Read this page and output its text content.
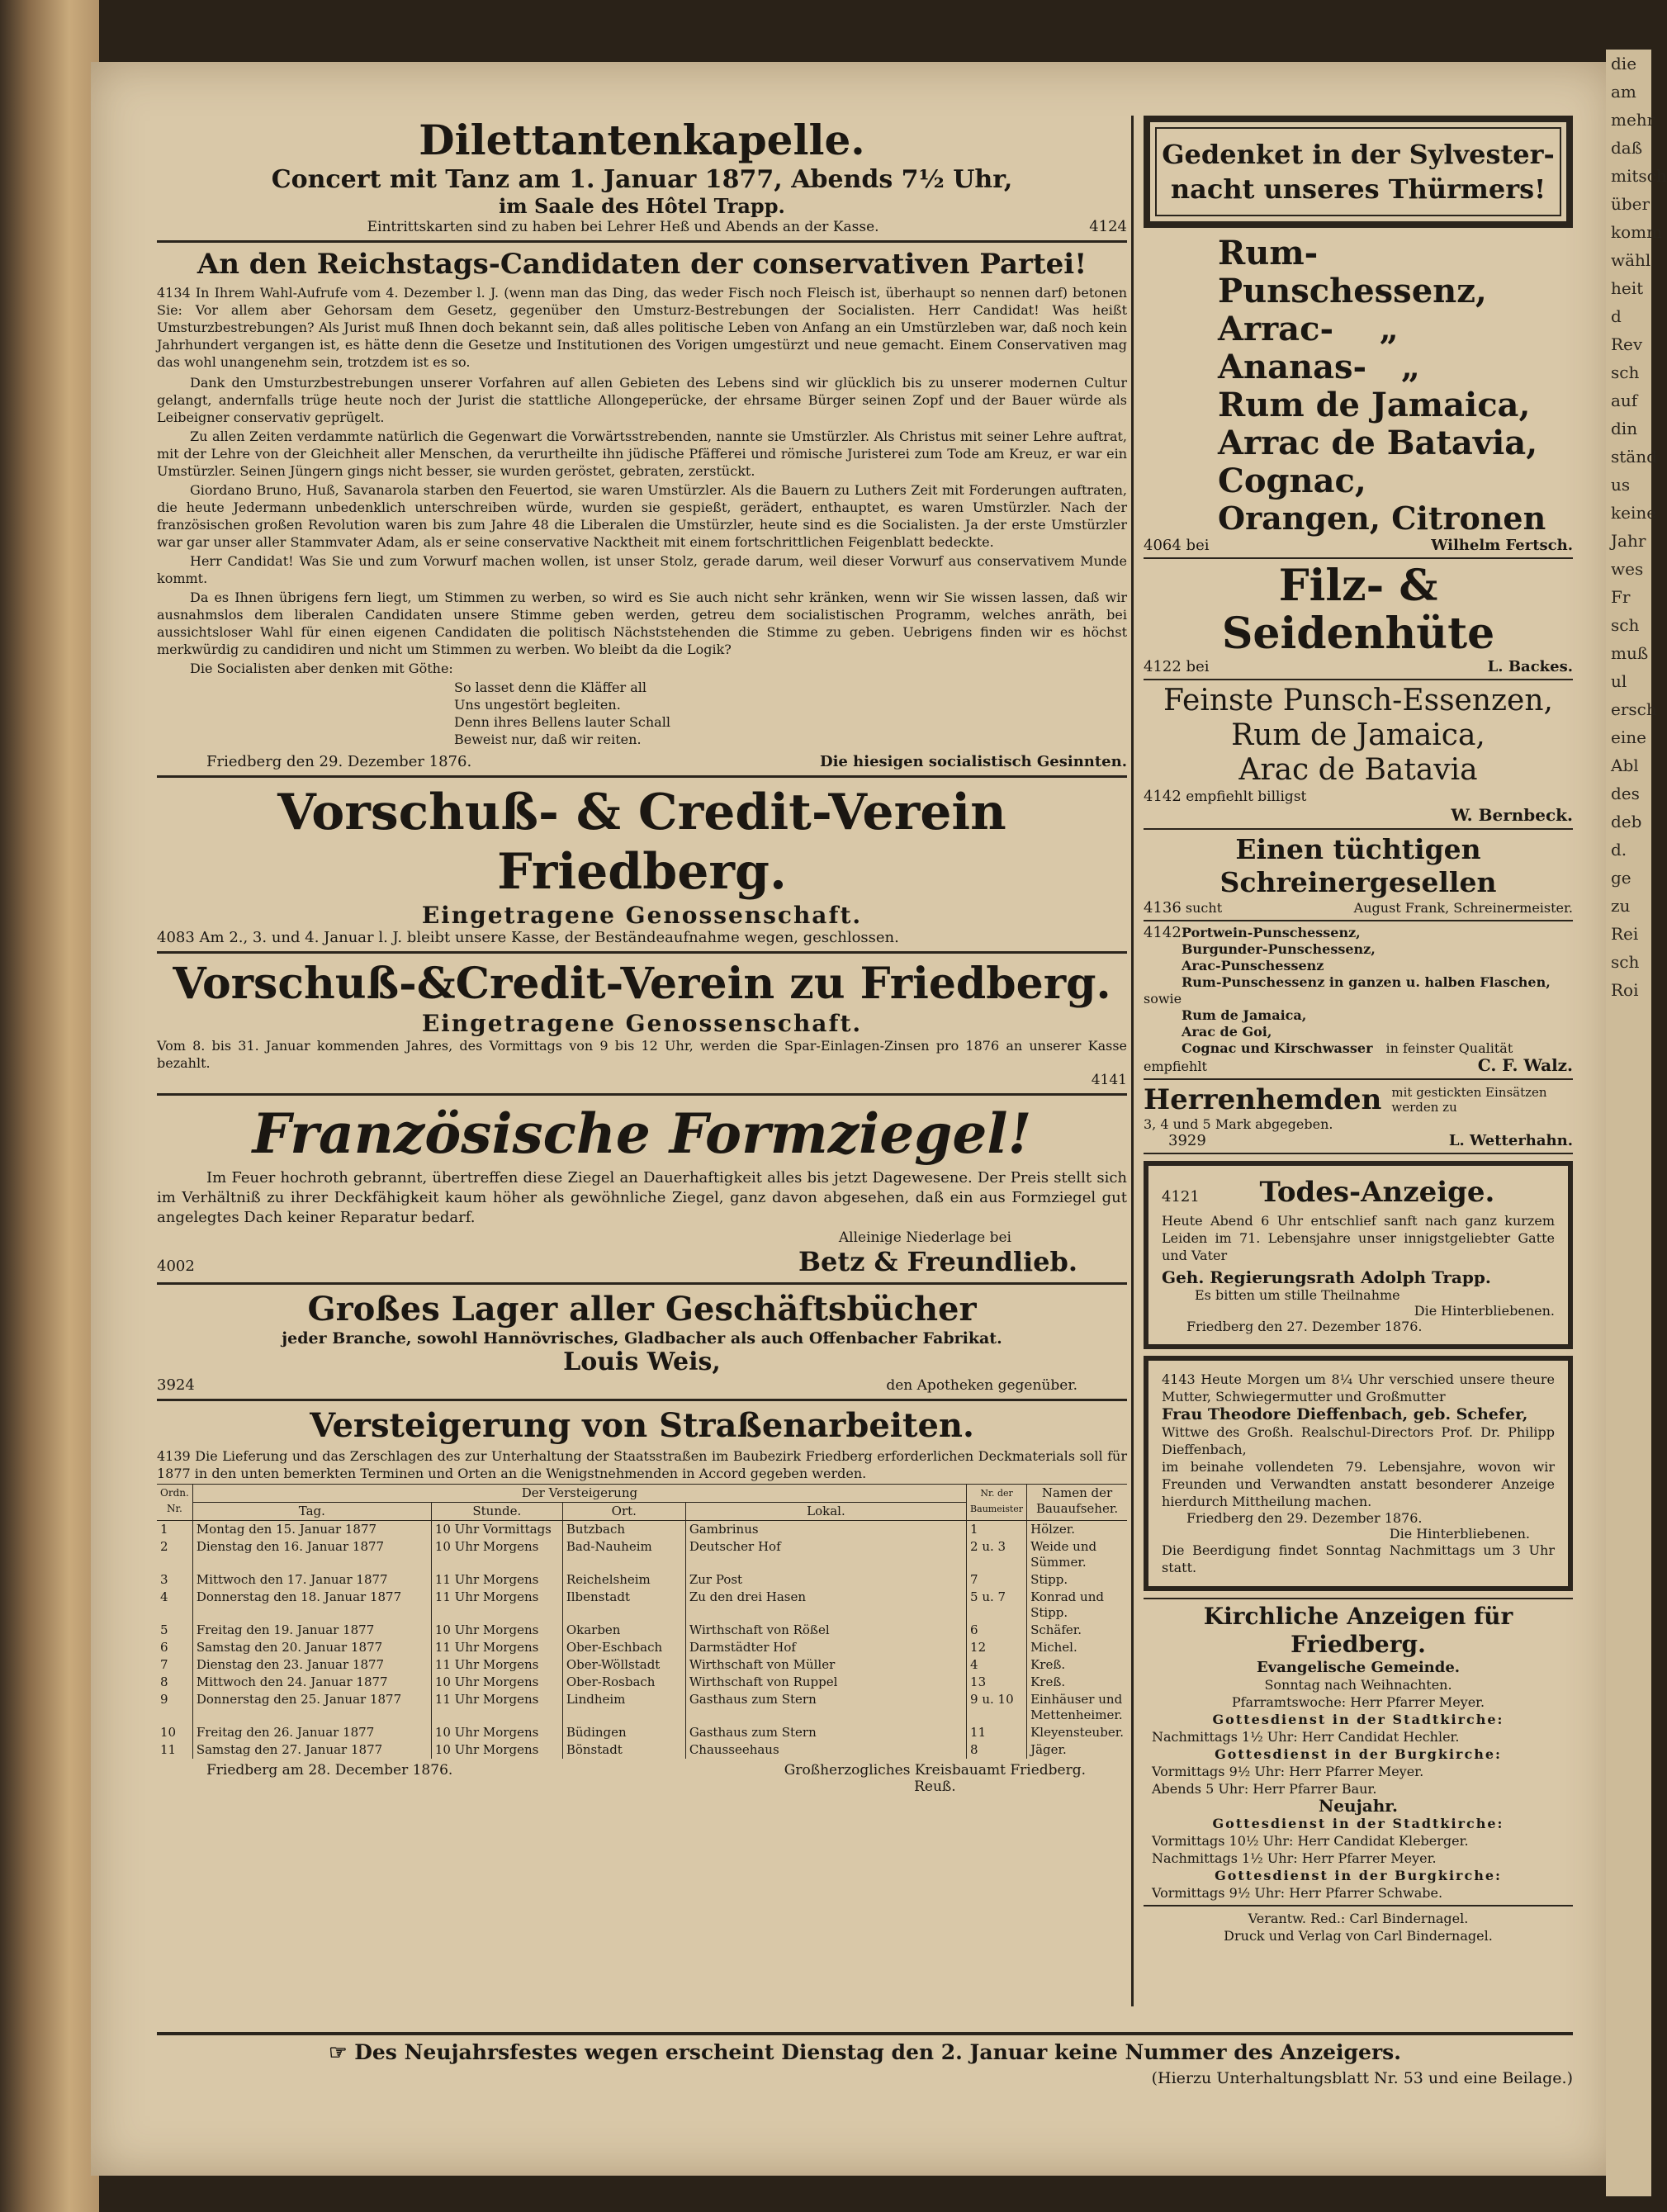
die
am
mehr
daß
mitsch
über
komm
wähl
heit
d
Rev
sch
auf
din
ständ
us
keine
Jahr
wes
Fr
sch
muß
ul
ersch
eine
Abl
des
deb
d.
ge
zu
Rei
sch
Roi
Dilettantenkapelle.
Concert mit Tanz am 1. Januar 1877, Abends 7½ Uhr,
im Saale des Hôtel Trapp.
Eintrittskarten sind zu haben bei Lehrer Heß und Abends an der Kasse.	4124
An den Reichstags-Candidaten der conservativen Partei!

4134 In Ihrem Wahl-Aufrufe vom 4. Dezember l. J. (wenn man das Ding, das weder Fisch noch Fleisch ist, überhaupt so nennen darf) betonen Sie: Vor allem aber Gehorsam dem Gesetz, gegenüber den Umsturz-Bestrebungen der Socialisten. Herr Candidat! Was heißt Umsturzbestrebungen? Als Jurist muß Ihnen doch bekannt sein, daß alles politische Leben von Anfang an ein Umstürzleben war, daß noch kein Jahrhundert vergangen ist, es hätte denn die Gesetze und Institutionen des Vorigen umgestürzt und neue gemacht. Einem Conservativen mag das wohl unangenehm sein, trotzdem ist es so.

Dank den Umsturzbestrebungen unserer Vorfahren auf allen Gebieten des Lebens sind wir glücklich bis zu unserer modernen Cultur gelangt, andernfalls trüge heute noch der Jurist die stattliche Allongeperücke, der ehrsame Bürger seinen Zopf und der Bauer würde als Leibeigner conservativ geprügelt.

Zu allen Zeiten verdammte natürlich die Gegenwart die Vorwärtsstrebenden, nannte sie Umstürzler. Als Christus mit seiner Lehre auftrat, mit der Lehre von der Gleichheit aller Menschen, da verurtheilte ihn jüdische Pfäfferei und römische Juristerei zum Tode am Kreuz, er war ein Umstürzler. Seinen Jüngern gings nicht besser, sie wurden geröstet, gebraten, zerstückt.

Giordano Bruno, Huß, Savanarola starben den Feuertod, sie waren Umstürzler. Als die Bauern zu Luthers Zeit mit Forderungen auftraten, die heute Jedermann unbedenklich unterschreiben würde, wurden sie gespießt, gerädert, enthauptet, es waren Umstürzler. Nach der französischen großen Revolution waren bis zum Jahre 48 die Liberalen die Umstürzler, heute sind es die Socialisten. Ja der erste Umstürzler war gar unser aller Stammvater Adam, als er seine conservative Nacktheit mit einem fortschrittlichen Feigenblatt bedeckte.

Herr Candidat! Was Sie und zum Vorwurf machen wollen, ist unser Stolz, gerade darum, weil dieser Vorwurf aus conservativem Munde kommt.

Da es Ihnen übrigens fern liegt, um Stimmen zu werben, so wird es Sie auch nicht sehr kränken, wenn wir Sie wissen lassen, daß wir ausnahmslos dem liberalen Candidaten unsere Stimme geben werden, getreu dem socialistischen Programm, welches anräth, bei aussichtsloser Wahl für einen eigenen Candidaten die politisch Nächststehenden die Stimme zu geben. Uebrigens finden wir es höchst merkwürdig zu candidiren und nicht um Stimmen zu werben. Wo bleibt da die Logik?

Die Socialisten aber denken mit Göthe:

So lasset denn die Kläffer all
Uns ungestört begleiten.
Denn ihres Bellens lauter Schall
Beweist nur, daß wir reiten.
Friedberg den 29. Dezember 1876.	Die hiesigen socialistisch Gesinnten.
Vorschuß- & Credit-Verein Friedberg.
Eingetragene Genossenschaft.
4083 Am 2., 3. und 4. Januar l. J. bleibt unsere Kasse, der Beständeaufnahme wegen, geschlossen.
Vorschuß-&Credit-Verein zu Friedberg.
Eingetragene Genossenschaft.
Vom 8. bis 31. Januar kommenden Jahres, des Vormittags von 9 bis 12 Uhr, werden die Spar-Einlagen-Zinsen pro 1876 an unserer Kasse bezahlt.
4141
Französische Formziegel!

Im Feuer hochroth gebrannt, übertreffen diese Ziegel an Dauerhaftigkeit alles bis jetzt Dagewesene. Der Preis stellt sich im Verhältniß zu ihrer Deckfähigkeit kaum höher als gewöhnliche Ziegel, ganz davon abgesehen, daß ein aus Formziegel gut angelegtes Dach keiner Reparatur bedarf.

Alleinige Niederlage bei
4002	Betz & Freundlieb.
Großes Lager aller Geschäftsbücher
jeder Branche, sowohl Hannövrisches, Gladbacher als auch Offenbacher Fabrikat.
Louis Weis,
3924	den Apotheken gegenüber.
Versteigerung von Straßenarbeiten.

4139 Die Lieferung und das Zerschlagen des zur Unterhaltung der Staatsstraßen im Baubezirk Friedberg erforderlichen Deckmaterials soll für 1877 in den unten bemerkten Terminen und Orten an die Wenigstnehmenden in Accord gegeben werden.

Ordn. Nr.	Der Versteigerung				Nr. der Baumeister	Namen der Bauaufseher.
	Tag.	Stunde.	Ort.	Lokal.		
1	Montag den 15. Januar 1877	10 Uhr Vormittags	Butzbach	Gambrinus	1	Hölzer.
2	Dienstag den 16. Januar 1877	10 Uhr Morgens	Bad-Nauheim	Deutscher Hof	2 u. 3	Weide und Sümmer.
3	Mittwoch den 17. Januar 1877	11 Uhr Morgens	Reichelsheim	Zur Post	7	Stipp.
4	Donnerstag den 18. Januar 1877	11 Uhr Morgens	Ilbenstadt	Zu den drei Hasen	5 u. 7	Konrad und Stipp.
5	Freitag den 19. Januar 1877	10 Uhr Morgens	Okarben	Wirthschaft von Rößel	6	Schäfer.
6	Samstag den 20. Januar 1877	11 Uhr Morgens	Ober-Eschbach	Darmstädter Hof	12	Michel.
7	Dienstag den 23. Januar 1877	11 Uhr Morgens	Ober-Wöllstadt	Wirthschaft von Müller	4	Kreß.
8	Mittwoch den 24. Januar 1877	10 Uhr Morgens	Ober-Rosbach	Wirthschaft von Ruppel	13	Kreß.
9	Donnerstag den 25. Januar 1877	11 Uhr Morgens	Lindheim	Gasthaus zum Stern	9 u. 10	Einhäuser und Mettenheimer.
10	Freitag den 26. Januar 1877	10 Uhr Morgens	Büdingen	Gasthaus zum Stern	11	Kleyensteuber.
11	Samstag den 27. Januar 1877	10 Uhr Morgens	Bönstadt	Chausseehaus	8	Jäger.
Friedberg am 28. December 1876.	Großherzogliches Kreisbauamt Friedberg.
Reuß.
Gedenket in der Sylvester-
nacht unseres Thürmers!
Rum-Punschessenz,
Arrac-    „
Ananas-   „
Rum de Jamaica,
Arrac de Batavia,
Cognac,
Orangen, Citronen
4064 bei	Wilhelm Fertsch.
Filz- & Seidenhüte
4122 bei	L. Backes.
Feinste Punsch-Essenzen,
Rum de Jamaica,
Arac de Batavia
4142 empfiehlt billigst
W. Bernbeck.
Einen tüchtigen Schreinergesellen
4136 sucht	August Frank, Schreinermeister.
4142 Portwein-Punschessenz,
Burgunder-Punschessenz,
Arac-Punschessenz
Rum-Punschessenz in ganzen u. halben Flaschen,
sowie
Rum de Jamaica,
Arac de Goi,
Cognac und Kirschwasser in feinster Qualität
empfiehlt	C. F. Walz.
Herrenhemden mit gestickten Einsätzen werden zu
3, 4 und 5 Mark abgegeben.
3929	L. Wetterhahn.
4121	Todes-Anzeige.

Heute Abend 6 Uhr entschlief sanft nach ganz kurzem Leiden im 71. Lebensjahre unser innigstgeliebter Gatte und Vater

Geh. Regierungsrath Adolph Trapp.
Es bitten um stille Theilnahme
Die Hinterbliebenen.
Friedberg den 27. Dezember 1876.
4143 Heute Morgen um 8¼ Uhr verschied unsere theure Mutter, Schwiegermutter und Großmutter
Frau Theodore Dieffenbach, geb. Schefer,
Wittwe des Großh. Realschul-Directors Prof. Dr. Philipp Dieffenbach,
im beinahe vollendeten 79. Lebensjahre, wovon wir Freunden und Verwandten anstatt besonderer Anzeige hierdurch Mittheilung machen.
Friedberg den 29. Dezember 1876.
Die Hinterbliebenen.
Die Beerdigung findet Sonntag Nachmittags um 3 Uhr statt.
Kirchliche Anzeigen für Friedberg.
Evangelische Gemeinde.
Sonntag nach Weihnachten.
Pfarramtswoche: Herr Pfarrer Meyer.
Gottesdienst in der Stadtkirche:
Nachmittags 1½ Uhr: Herr Candidat Hechler.
Gottesdienst in der Burgkirche:
Vormittags 9½ Uhr: Herr Pfarrer Meyer.
Abends 5 Uhr: Herr Pfarrer Baur.
Neujahr.
Gottesdienst in der Stadtkirche:
Vormittags 10½ Uhr: Herr Candidat Kleberger.
Nachmittags 1½ Uhr: Herr Pfarrer Meyer.
Gottesdienst in der Burgkirche:
Vormittags 9½ Uhr: Herr Pfarrer Schwabe.
Verantw. Red.: Carl Bindernagel.
Druck und Verlag von Carl Bindernagel.
☞ Des Neujahrsfestes wegen erscheint Dienstag den 2. Januar keine Nummer des Anzeigers.
(Hierzu Unterhaltungsblatt Nr. 53 und eine Beilage.)
